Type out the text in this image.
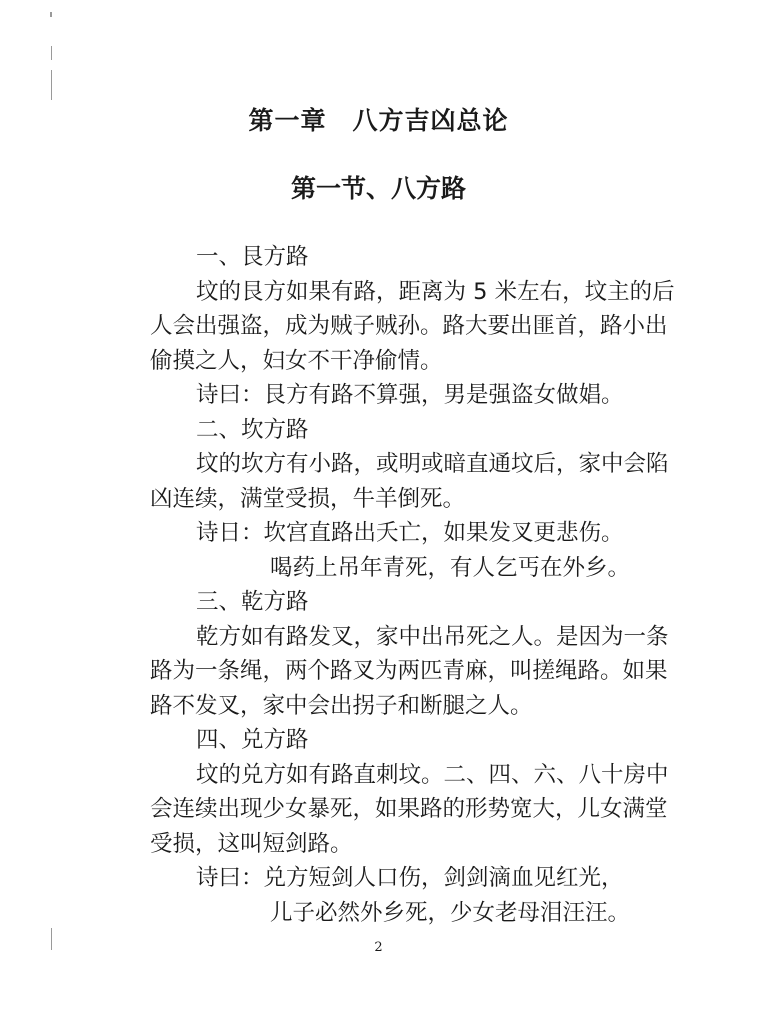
第一章　八方吉凶总论
第一节、八方路
一、艮方路
坟的艮方如果有路，距离为 5 米左右，坟主的后
人会出强盗，成为贼子贼孙。路大要出匪首，路小出
偷摸之人，妇女不干净偷情。
诗曰：艮方有路不算强，男是强盗女做娼。
二、坎方路
坟的坎方有小路，或明或暗直通坟后，家中会陷
凶连续，满堂受损，牛羊倒死。
诗日：坎宫直路出夭亡，如果发叉更悲伤。
喝药上吊年青死，有人乞丐在外乡。
三、乾方路
乾方如有路发叉，家中出吊死之人。是因为一条
路为一条绳，两个路叉为两匹青麻，叫搓绳路。如果
路不发叉，家中会出拐子和断腿之人。
四、兑方路
坟的兑方如有路直刺坟。二、四、六、八十房中
会连续出现少女暴死，如果路的形势宽大，儿女满堂
受损，这叫短剑路。
诗曰：兑方短剑人口伤，剑剑滴血见红光，
儿子必然外乡死，少女老母泪汪汪。
2
